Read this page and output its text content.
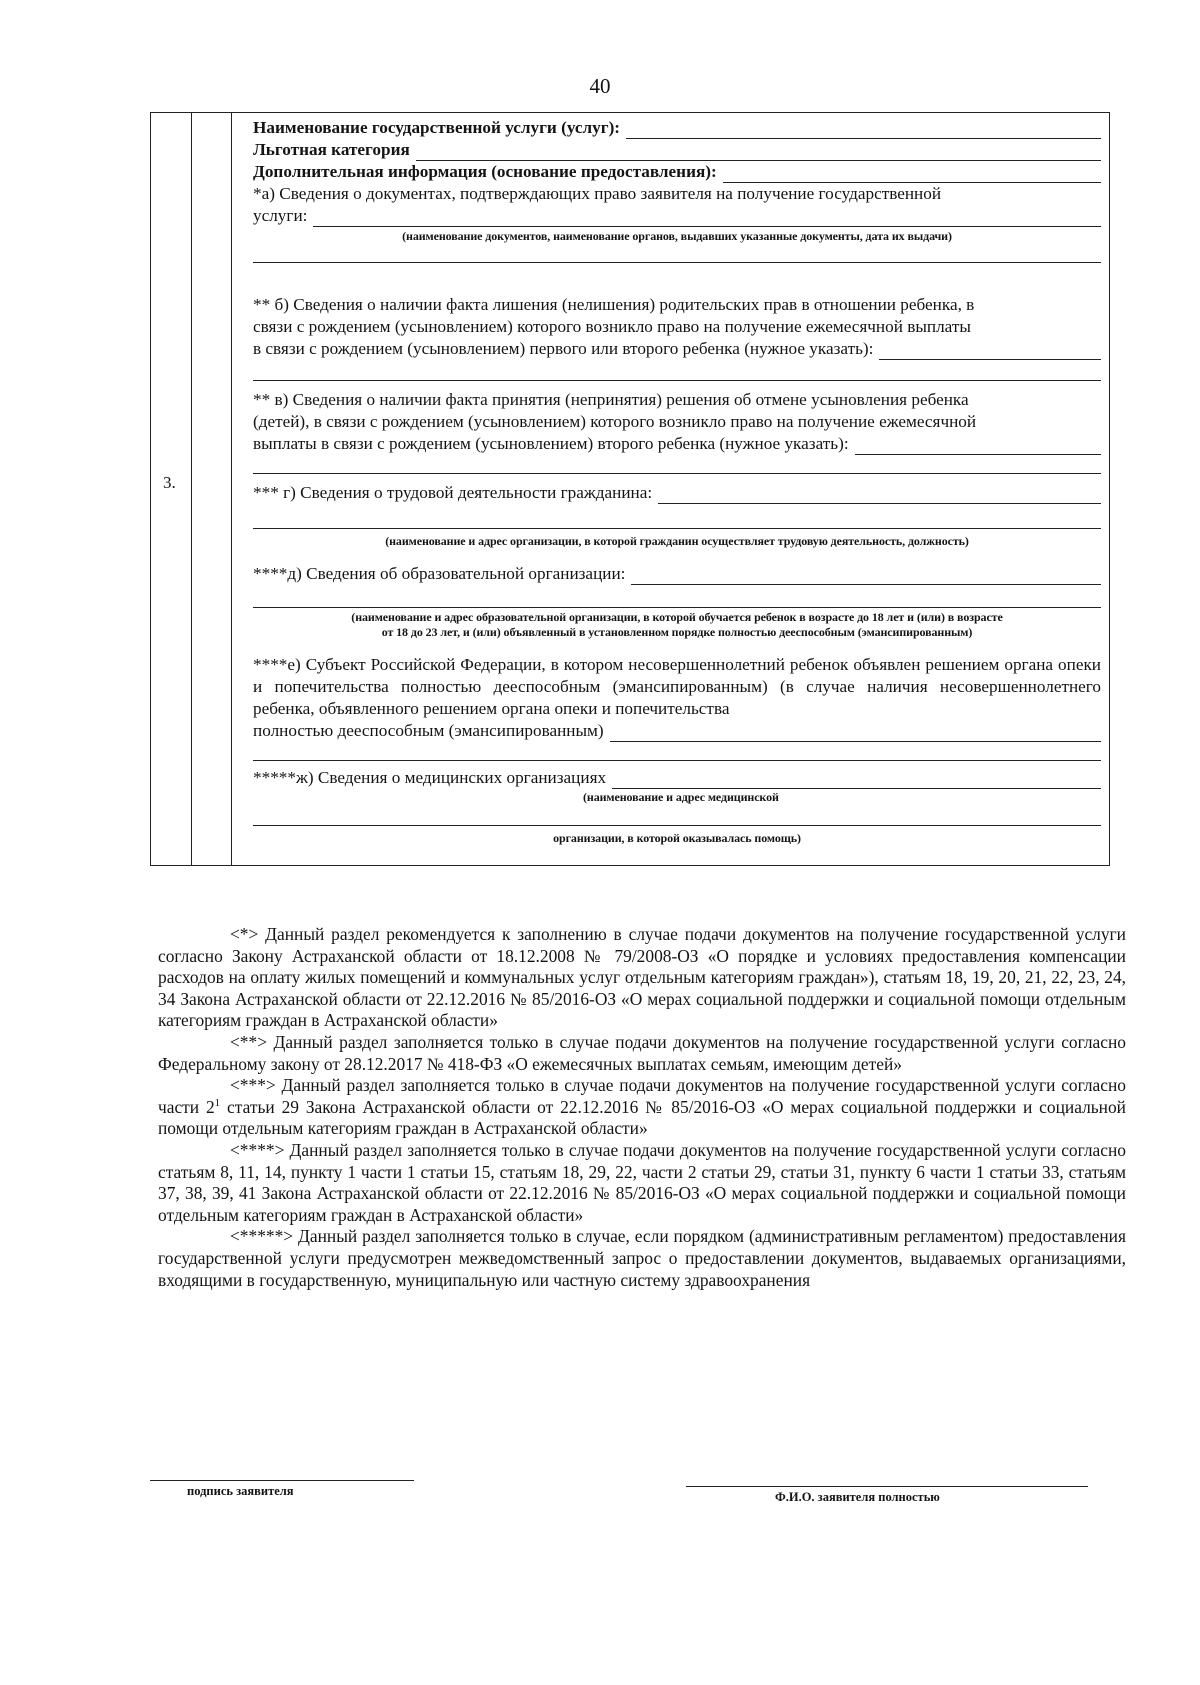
40
3.
Наименование государственной услуги (услуг):
Льготная категория
Дополнительная информация (основание предоставления):
*а) Сведения о документах, подтверждающих право заявителя на получение государственной
услуги:
(наименование документов, наименование органов, выдавших указанные документы, дата их выдачи)
** б) Сведения о наличии факта лишения (нелишения) родительских прав в отношении ребенка, в
связи с рождением (усыновлением) которого возникло право на получение ежемесячной выплаты
в связи с рождением (усыновлением) первого или второго ребенка (нужное указать):
** в) Сведения о наличии факта принятия (непринятия) решения об отмене усыновления ребенка
(детей), в связи с рождением (усыновлением) которого возникло право на получение ежемесячной
выплаты в связи с рождением (усыновлением) второго ребенка (нужное указать):
*** г) Сведения о трудовой деятельности гражданина:
(наименование и адрес организации, в которой гражданин осуществляет трудовую деятельность, должность)
****д) Сведения об образовательной организации:
(наименование и адрес образовательной организации, в которой обучается ребенок в возрасте до 18 лет и (или) в возрасте
от 18 до 23 лет, и (или) объявленный в установленном порядке полностью дееспособным (эмансипированным)
****е) Субъект Российской Федерации, в котором несовершеннолетний ребенок объявлен решением органа опеки и попечительства полностью дееспособным (эмансипированным) (в случае наличия несовершеннолетнего ребенка, объявленного решением органа опеки и попечительства
полностью дееспособным (эмансипированным)
*****ж) Сведения о медицинских организациях
(наименование и адрес медицинской
организации, в которой оказывалась помощь)

<*> Данный раздел рекомендуется к заполнению в случае подачи документов на получение государственной услуги согласно Закону Астраханской области от 18.12.2008 № 79/2008-ОЗ «О порядке и условиях предоставления компенсации расходов на оплату жилых помещений и коммунальных услуг отдельным категориям граждан»), статьям 18, 19, 20, 21, 22, 23, 24, 34 Закона Астраханской области от 22.12.2016 № 85/2016-ОЗ «О мерах социальной поддержки и социальной помощи отдельным категориям граждан в Астраханской области»

<**> Данный раздел заполняется только в случае подачи документов на получение государственной услуги согласно Федеральному закону от 28.12.2017 № 418-ФЗ «О ежемесячных выплатах семьям, имеющим детей»

<***> Данный раздел заполняется только в случае подачи документов на получение государственной услуги согласно части $2^1$ статьи 29 Закона Астраханской области от 22.12.2016 № 85/2016-ОЗ «О мерах социальной поддержки и социальной помощи отдельным категориям граждан в Астраханской области»

<****> Данный раздел заполняется только в случае подачи документов на получение государственной услуги согласно статьям 8, 11, 14, пункту 1 части 1 статьи 15, статьям 18, 29, 22, части 2 статьи 29, статьи 31, пункту 6 части 1 статьи 33, статьям 37, 38, 39, 41 Закона Астраханской области от 22.12.2016 № 85/2016-ОЗ «О мерах социальной поддержки и социальной помощи отдельным категориям граждан в Астраханской области»

<*****> Данный раздел заполняется только в случае, если порядком (административным регламентом) предоставления государственной услуги предусмотрен межведомственный запрос о предоставлении документов, выдаваемых организациями, входящими в государственную, муниципальную или частную систему здравоохранения

подпись заявителя	Ф.И.О. заявителя полностью
